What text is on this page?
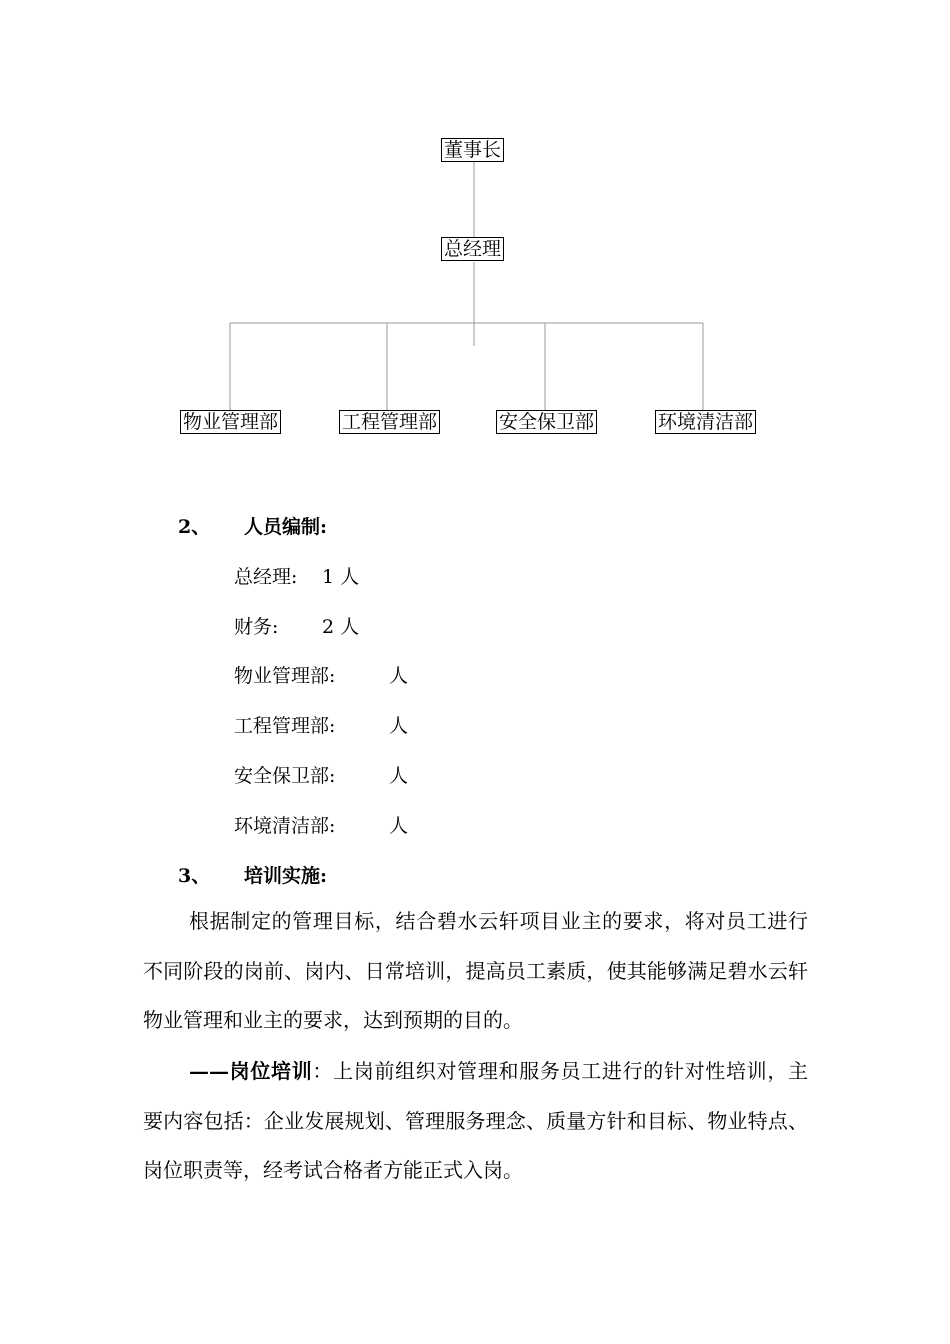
董事长
总经理
物业管理部	工程管理部	安全保卫部	环境清洁部
2、 人员编制:
总经理: 1 人
财务: 2 人
物业管理部:	人
工程管理部:	人
安全保卫部:	人
环境清洁部:	人
3、 培训实施:

根据制定的管理目标，结合碧水云轩项目业主的要求，将对员工进行不同阶段的岗前、岗内、日常培训，提高员工素质，使其能够满足碧水云轩物业管理和业主的要求，达到预期的目的。

——岗位培训：上岗前组织对管理和服务员工进行的针对性培训，主要内容包括：企业发展规划、管理服务理念、质量方针和目标、物业特点、岗位职责等，经考试合格者方能正式入岗。
